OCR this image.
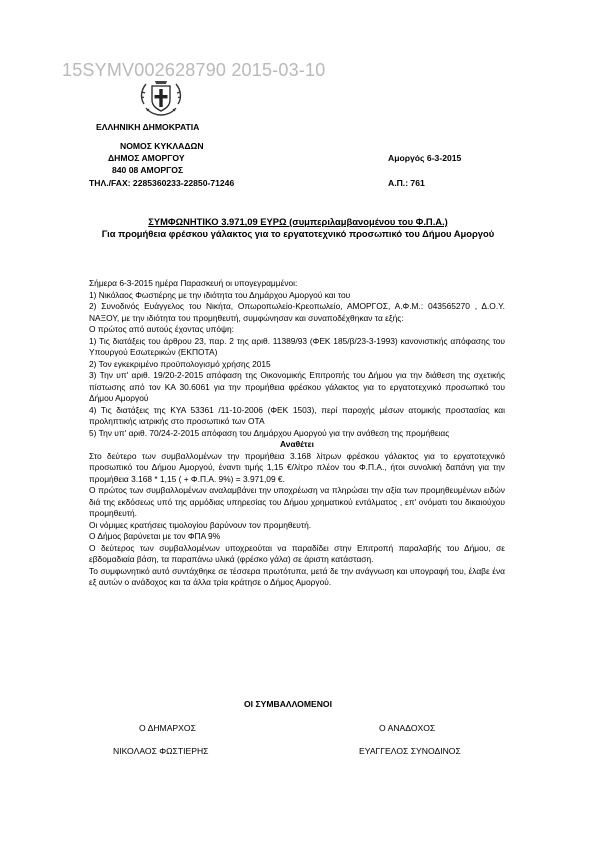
15SYMV002628790 2015-03-10
ΕΛΛΗΝΙΚΗ ΔΗΜΟΚΡΑΤΙΑ
ΝΟΜΟΣ ΚΥΚΛΑΔΩΝ
ΔΗΜΟΣ ΑΜΟΡΓΟΥ
840 08 ΑΜΟΡΓΟΣ
ΤΗΛ./FAX: 2285360233-22850-71246
Αμοργός 6-3-2015
Α.Π.: 761
ΣΥΜΦΩΝΗΤΙΚΟ 3.971,09 ΕΥΡΩ (συμπεριλαμβανομένου του Φ.Π.Α.)
Για προμήθεια φρέσκου γάλακτος για το εργατοτεχνικό προσωπικό του Δήμου Αμοργού

Σήμερα 6-3-2015 ημέρα Παρασκευή οι υπογεγραμμένοι:

1) Νικόλαος Φωστιέρης με την ιδιότητα του Δημάρχου Αμοργού και του

2) Συνοδινός Ευάγγελος του Νικήτα, Οπωροπωλείο-Κρεοπωλείο, ΑΜΟΡΓΟΣ, Α.Φ.Μ.: 043565270 , Δ.Ο.Υ. ΝΑΞΟΥ, με την ιδιότητα του προμηθευτή, συμφώνησαν και συναποδέχθηκαν τα εξής:

Ο πρώτος από αυτούς έχοντας υπόψη:

1) Τις διατάξεις του άρθρου 23, παρ. 2 της αριθ. 11389/93 (ΦΕΚ 185/β/23-3-1993) κανονιστικής απόφασης του Υπουργού Εσωτερικών (ΕΚΠΟΤΑ)

2) Τον εγκεκριμένο προϋπολογισμό χρήσης 2015

3) Την υπ' αριθ. 19/20-2-2015 απόφαση της Οικονομικής Επιτροπής του Δήμου για την διάθεση της σχετικής πίστωσης από τον ΚΑ 30.6061 για την προμήθεια φρέσκου γάλακτος για το εργατοτεχνικό προσωπικό του Δήμου Αμοργού

4) Τις διατάξεις της ΚΥΑ 53361 /11-10-2006 (ΦΕΚ 1503), περί παροχής μέσων ατομικής προστασίας και προληπτικής ιατρικής στο προσωπικό των ΟΤΑ

5) Την υπ' αριθ. 70/24-2-2015 απόφαση του Δημάρχου Αμοργού για την ανάθεση της προμήθειας

Αναθέτει

Στο δεύτερο των συμβαλλομένων την προμήθεια 3.168 λίτρων φρέσκου γάλακτος για το εργατοτεχνικό προσωπικό του Δήμου Αμοργού, έναντι τιμής 1,15 €/λίτρο πλέον του Φ.Π.Α., ήτοι συνολική δαπάνη για την προμήθεια 3.168 * 1,15 ( + Φ.Π.Α. 9%) = 3.971,09 €.

Ο πρώτος των συμβαλλομένων αναλαμβάνει την υποχρέωση να πληρώσει την αξία των προμηθευμένων ειδών διά της εκδόσεως υπό της αρμόδιας υπηρεσίας του Δήμου χρηματικού εντάλματος , επ' ονόματι του δικαιούχου προμηθευτή.

Οι νόμιμες κρατήσεις τιμολογίου βαρύνουν τον προμηθευτή.

Ο Δήμος βαρύνεται με τον ΦΠΑ 9%

Ο δεύτερος των συμβαλλομένων υποχρεούται να παραδίδει στην Επιτροπή παραλαβής του Δήμου, σε εβδομαδιαία βάση, τα παραπάνω υλικά (φρέσκο γάλα) σε άριστη κατάσταση.

Το συμφωνητικό αυτό συντάχθηκε σε τέσσερα πρωτότυπα, μετά δε την ανάγνωση και υπογραφή του, έλαβε ένα εξ αυτών ο ανάδοχος και τα άλλα τρία κράτησε ο Δήμος Αμοργού.

ΟΙ ΣΥΜΒΑΛΛΟΜΕΝΟΙ
Ο ΔΗΜΑΡΧΟΣ	Ο ΑΝΑΔΟΧΟΣ
ΝΙΚΟΛΑΟΣ ΦΩΣΤΙΕΡΗΣ	ΕΥΑΓΓΕΛΟΣ ΣΥΝΟΔΙΝΟΣ
